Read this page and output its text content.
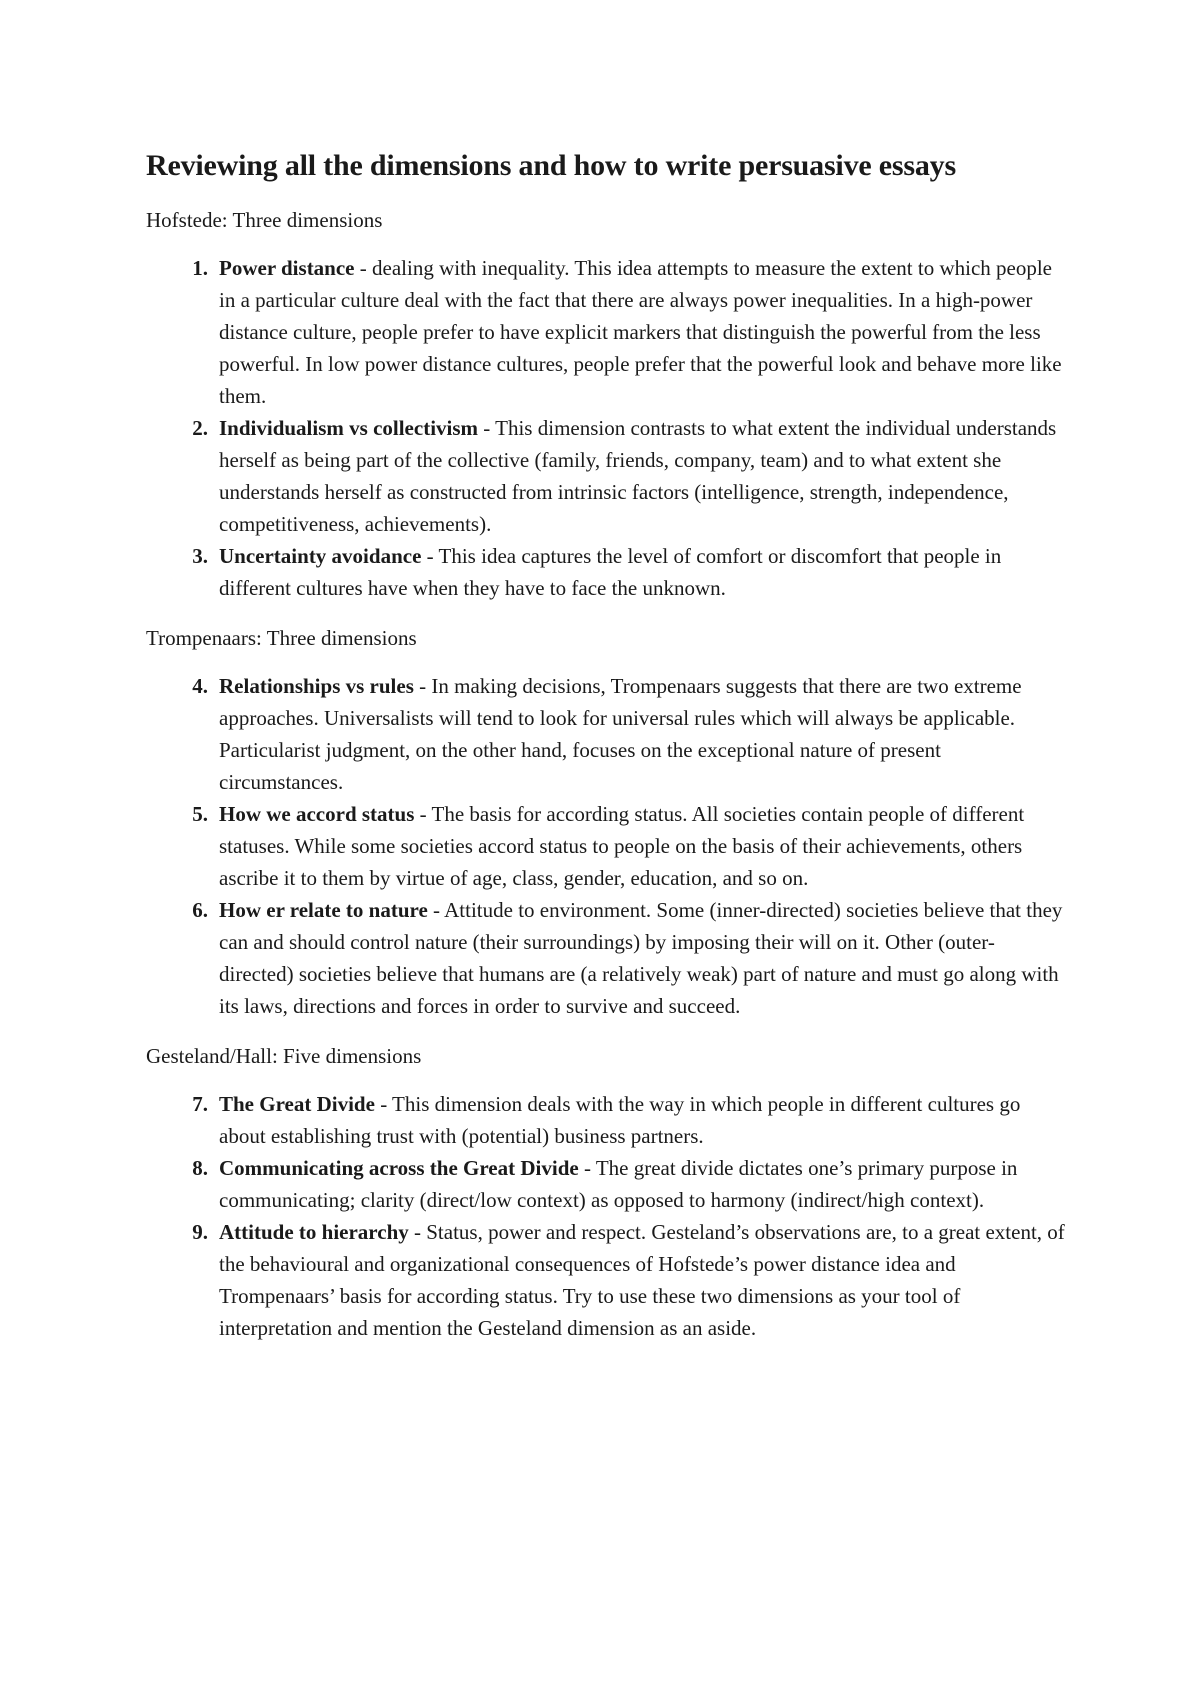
Reviewing all the dimensions and how to write persuasive essays

Hofstede: Three dimensions

1. Power distance - dealing with inequality. This idea attempts to measure the extent to which people in a particular culture deal with the fact that there are always power inequalities. In a high-power distance culture, people prefer to have explicit markers that distinguish the powerful from the less powerful. In low power distance cultures, people prefer that the powerful look and behave more like them.
2. Individualism vs collectivism - This dimension contrasts to what extent the individual understands herself as being part of the collective (family, friends, company, team) and to what extent she understands herself as constructed from intrinsic factors (intelligence, strength, independence, competitiveness, achievements).
3. Uncertainty avoidance - This idea captures the level of comfort or discomfort that people in different cultures have when they have to face the unknown.

Trompenaars: Three dimensions

4. Relationships vs rules - In making decisions, Trompenaars suggests that there are two extreme approaches. Universalists will tend to look for universal rules which will always be applicable. Particularist judgment, on the other hand, focuses on the exceptional nature of present circumstances.
5. How we accord status - The basis for according status. All societies contain people of different statuses. While some societies accord status to people on the basis of their achievements, others ascribe it to them by virtue of age, class, gender, education, and so on.
6. How er relate to nature - Attitude to environment. Some (inner-directed) societies believe that they can and should control nature (their surroundings) by imposing their will on it. Other (outer-directed) societies believe that humans are (a relatively weak) part of nature and must go along with its laws, directions and forces in order to survive and succeed.

Gesteland/Hall: Five dimensions

7. The Great Divide - This dimension deals with the way in which people in different cultures go about establishing trust with (potential) business partners.
8. Communicating across the Great Divide - The great divide dictates one’s primary purpose in communicating; clarity (direct/low context) as opposed to harmony (indirect/high context).
9. Attitude to hierarchy - Status, power and respect. Gesteland’s observations are, to a great extent, of the behavioural and organizational consequences of Hofstede’s power distance idea and Trompenaars’ basis for according status. Try to use these two dimensions as your tool of interpretation and mention the Gesteland dimension as an aside.
